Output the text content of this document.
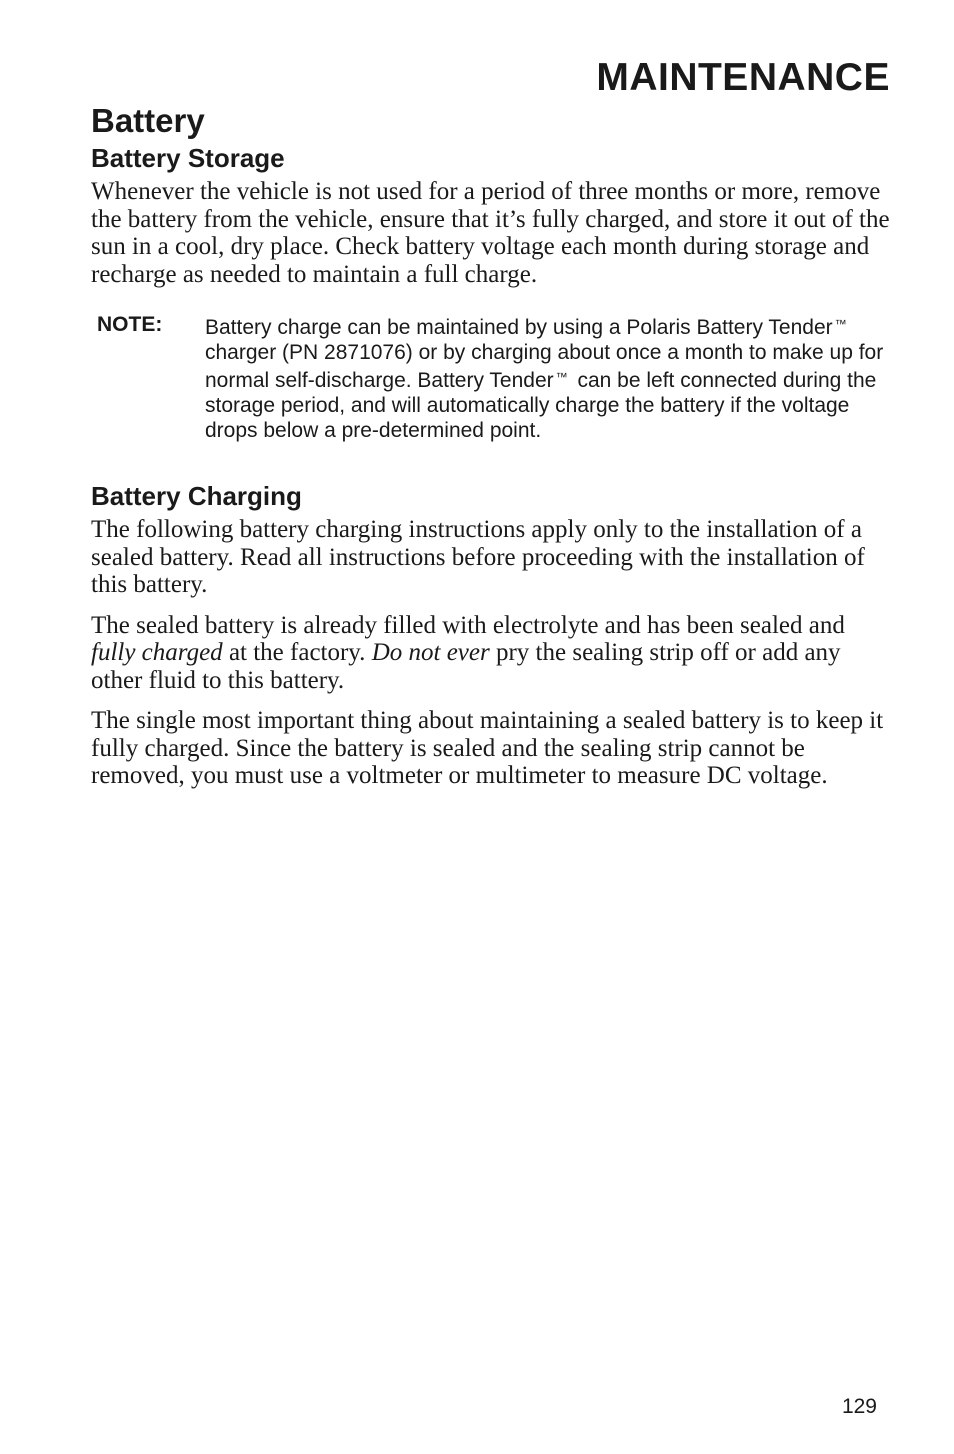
MAINTENANCE
Battery
Battery Storage

Whenever the vehicle is not used for a period of three months or more, remove the battery from the vehicle, ensure that it’s fully charged, and store it out of the sun in a cool, dry place. Check battery voltage each month during storage and recharge as needed to maintain a full charge.

NOTE:	Battery charge can be maintained by using a Polaris Battery Tender ™ charger (PN 2871076) or by charging about once a month to make up for normal self-discharge. Battery Tender ™ can be left connected during the storage period, and will automatically charge the battery if the voltage drops below a pre-determined point.

Battery Charging

The following battery charging instructions apply only to the installation of a sealed battery. Read all instructions before proceeding with the installation of this battery.

The sealed battery is already filled with electrolyte and has been sealed and fully charged at the factory. Do not ever pry the sealing strip off or add any other fluid to this battery.

The single most important thing about maintaining a sealed battery is to keep it fully charged. Since the battery is sealed and the sealing strip cannot be removed, you must use a voltmeter or multimeter to measure DC voltage.

129
